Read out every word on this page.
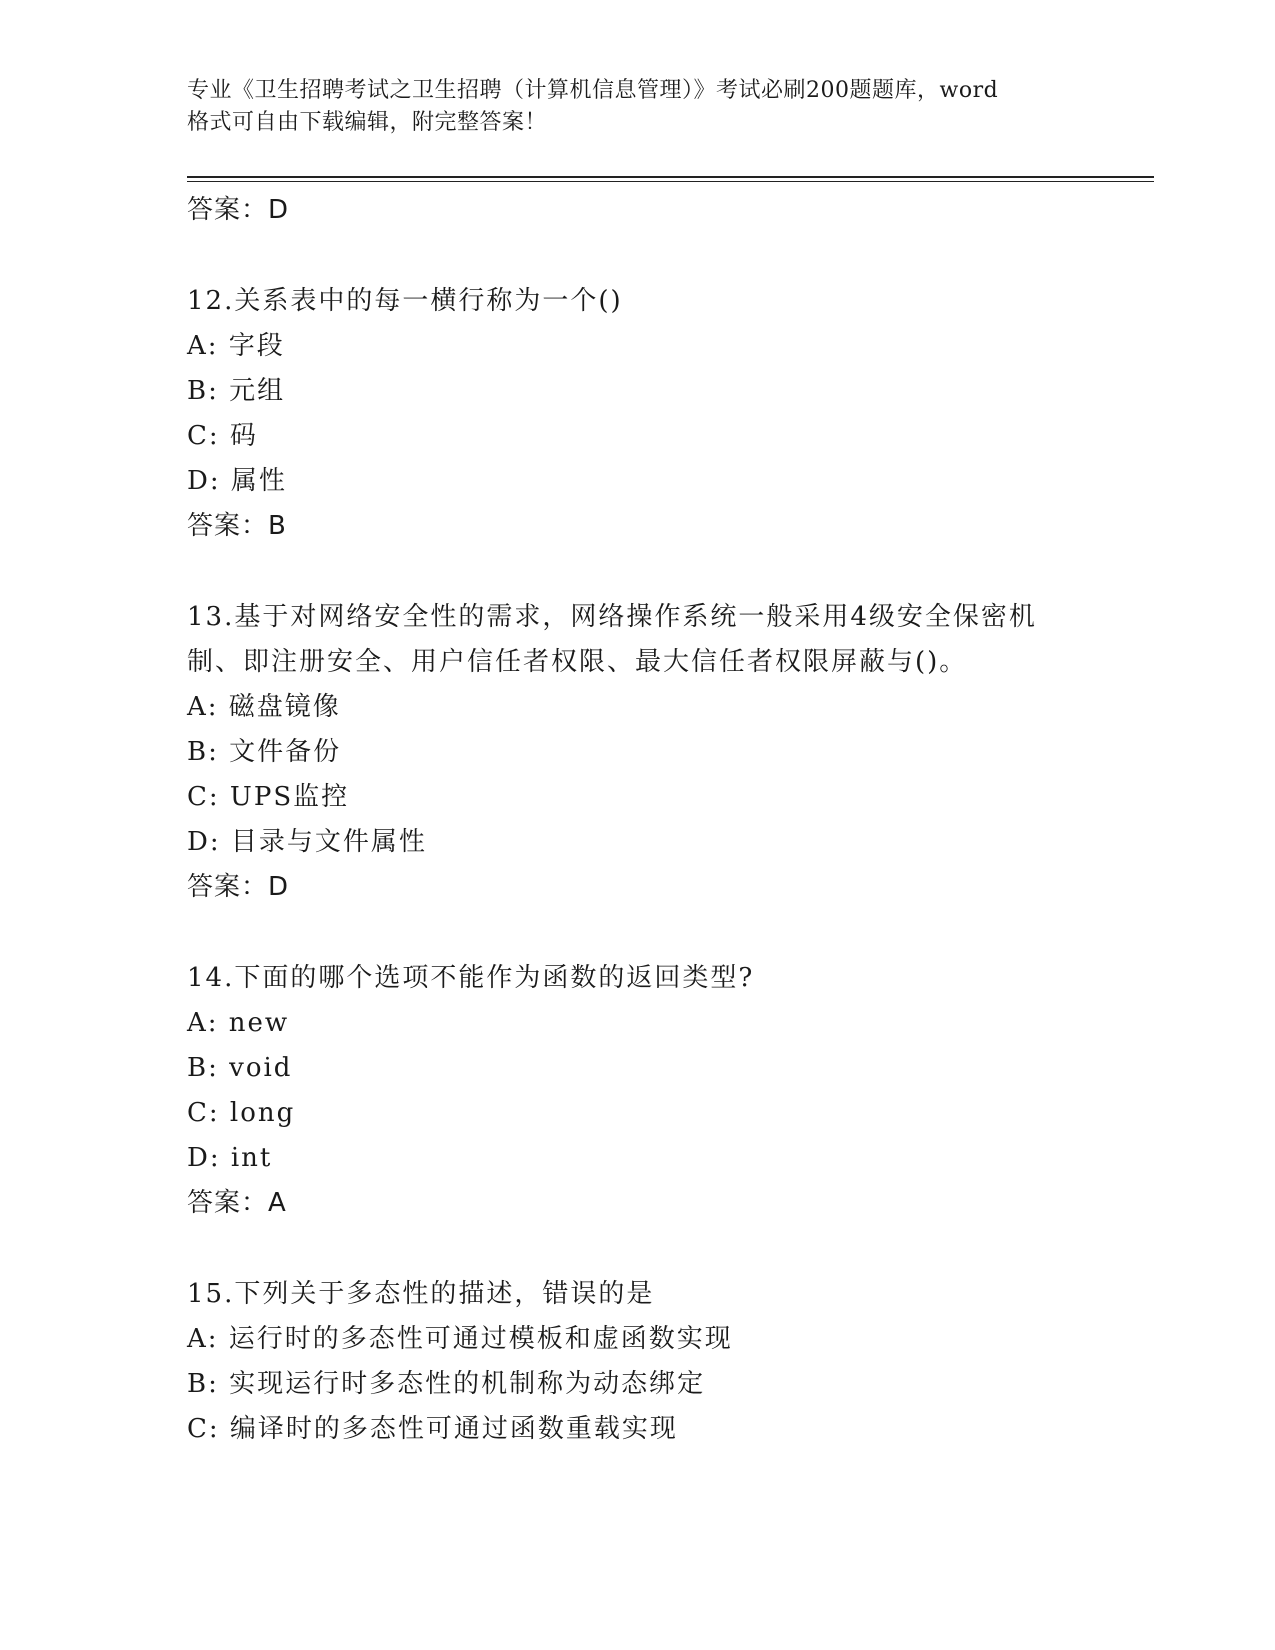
专业《卫生招聘考试之卫生招聘（计算机信息管理）》考试必刷200题题库，word
格式可自由下载编辑，附完整答案！
答案：D
12.关系表中的每一横行称为一个()
A: 字段
B: 元组
C: 码
D: 属性
答案：B
13.基于对网络安全性的需求，网络操作系统一般采用4级安全保密机
制、即注册安全、用户信任者权限、最大信任者权限屏蔽与()。
A: 磁盘镜像
B: 文件备份
C: UPS监控
D: 目录与文件属性
答案：D
14.下面的哪个选项不能作为函数的返回类型?
A: new
B: void
C: long
D: int
答案：A
15.下列关于多态性的描述，错误的是
A: 运行时的多态性可通过模板和虚函数实现
B: 实现运行时多态性的机制称为动态绑定
C: 编译时的多态性可通过函数重载实现
